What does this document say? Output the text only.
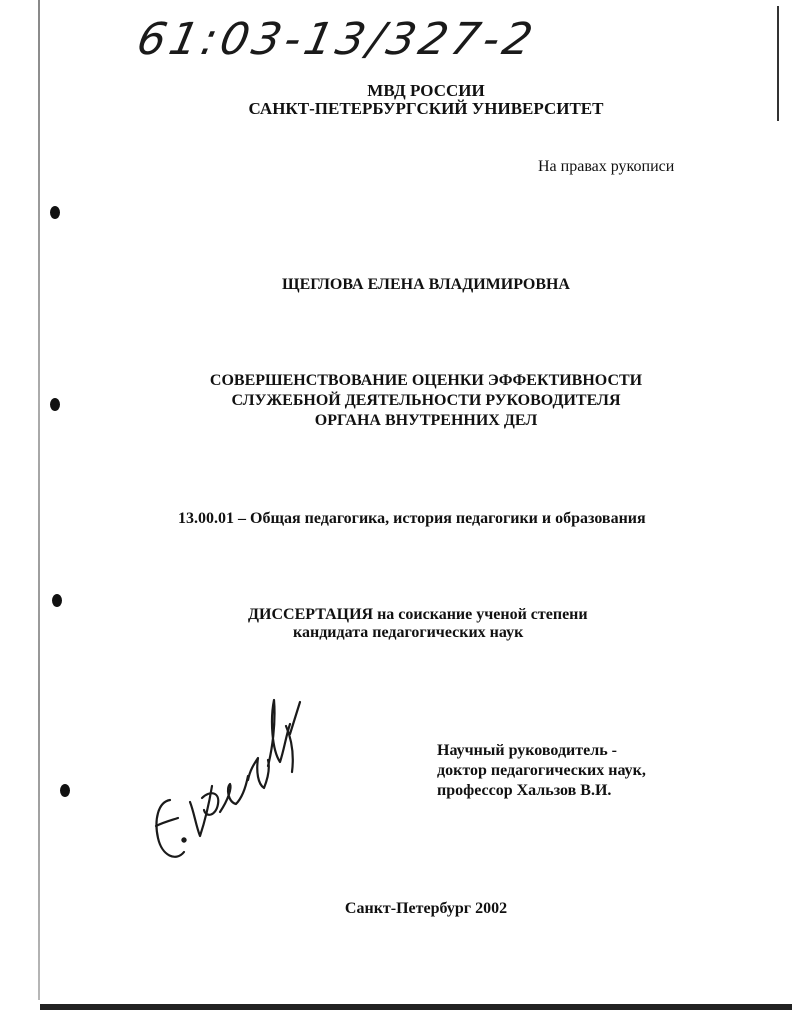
61:03-13/327-2
МВД РОССИИ
САНКТ-ПЕТЕРБУРГСКИЙ УНИВЕРСИТЕТ
На правах рукописи
ЩЕГЛОВА ЕЛЕНА ВЛАДИМИРОВНА
СОВЕРШЕНСТВОВАНИЕ ОЦЕНКИ ЭФФЕКТИВНОСТИ
СЛУЖЕБНОЙ ДЕЯТЕЛЬНОСТИ РУКОВОДИТЕЛЯ
ОРГАНА ВНУТРЕННИХ ДЕЛ
13.00.01 – Общая педагогика, история педагогики и образования
ДИССЕРТАЦИЯ на соискание ученой степени
кандидата педагогических наук
Научный руководитель -
доктор педагогических наук,
профессор Хальзов В.И.
Санкт-Петербург 2002
